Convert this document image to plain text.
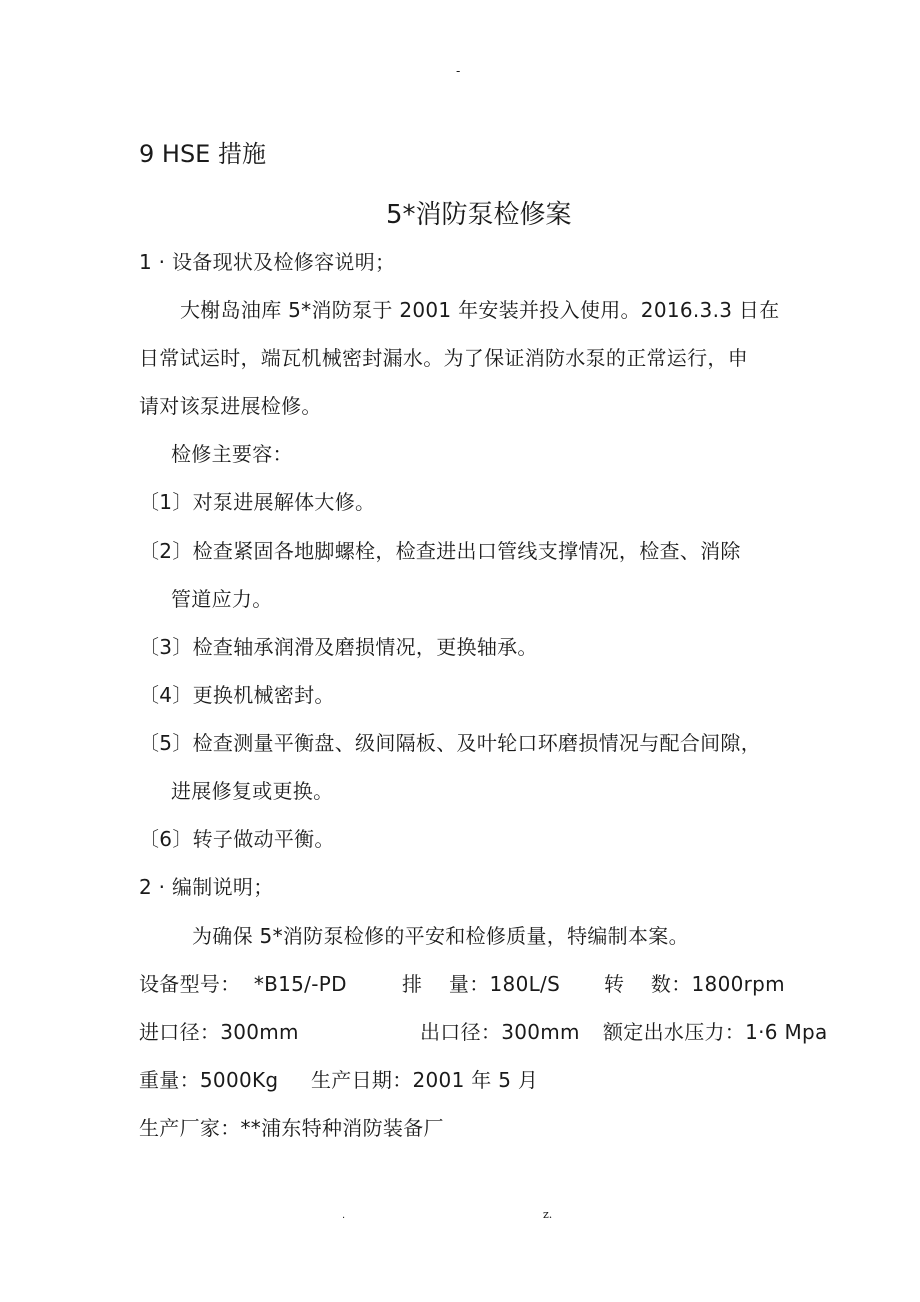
-
9 HSE 措施
5*消防泵检修案
1 · 设备现状及检修容说明；
大榭岛油库 5*消防泵于 2001 年安装并投入使用。2016.3.3 日在
日常试运时，端瓦机械密封漏水。为了保证消防水泵的正常运行，申
请对该泵进展检修。
检修主要容：
〔1〕对泵进展解体大修。
〔2〕检查紧固各地脚螺栓，检查进出口管线支撑情况，检查、消除
管道应力。
〔3〕检查轴承润滑及磨损情况，更换轴承。
〔4〕更换机械密封。
〔5〕检查测量平衡盘、级间隔板、及叶轮口环磨损情况与配合间隙，
进展修复或更换。
〔6〕转子做动平衡。
2 · 编制说明；
为确保 5*消防泵检修的平安和检修质量，特编制本案。
设备型号：  *B15/-PD	排    量：180L/S 转    数：1800rpm
进口径：300mm	出口径：300mm 额定出水压力：1·6 Mpa
重量：5000Kg 生产日期：2001 年 5 月
生产厂家：**浦东特种消防装备厂
.	z.
